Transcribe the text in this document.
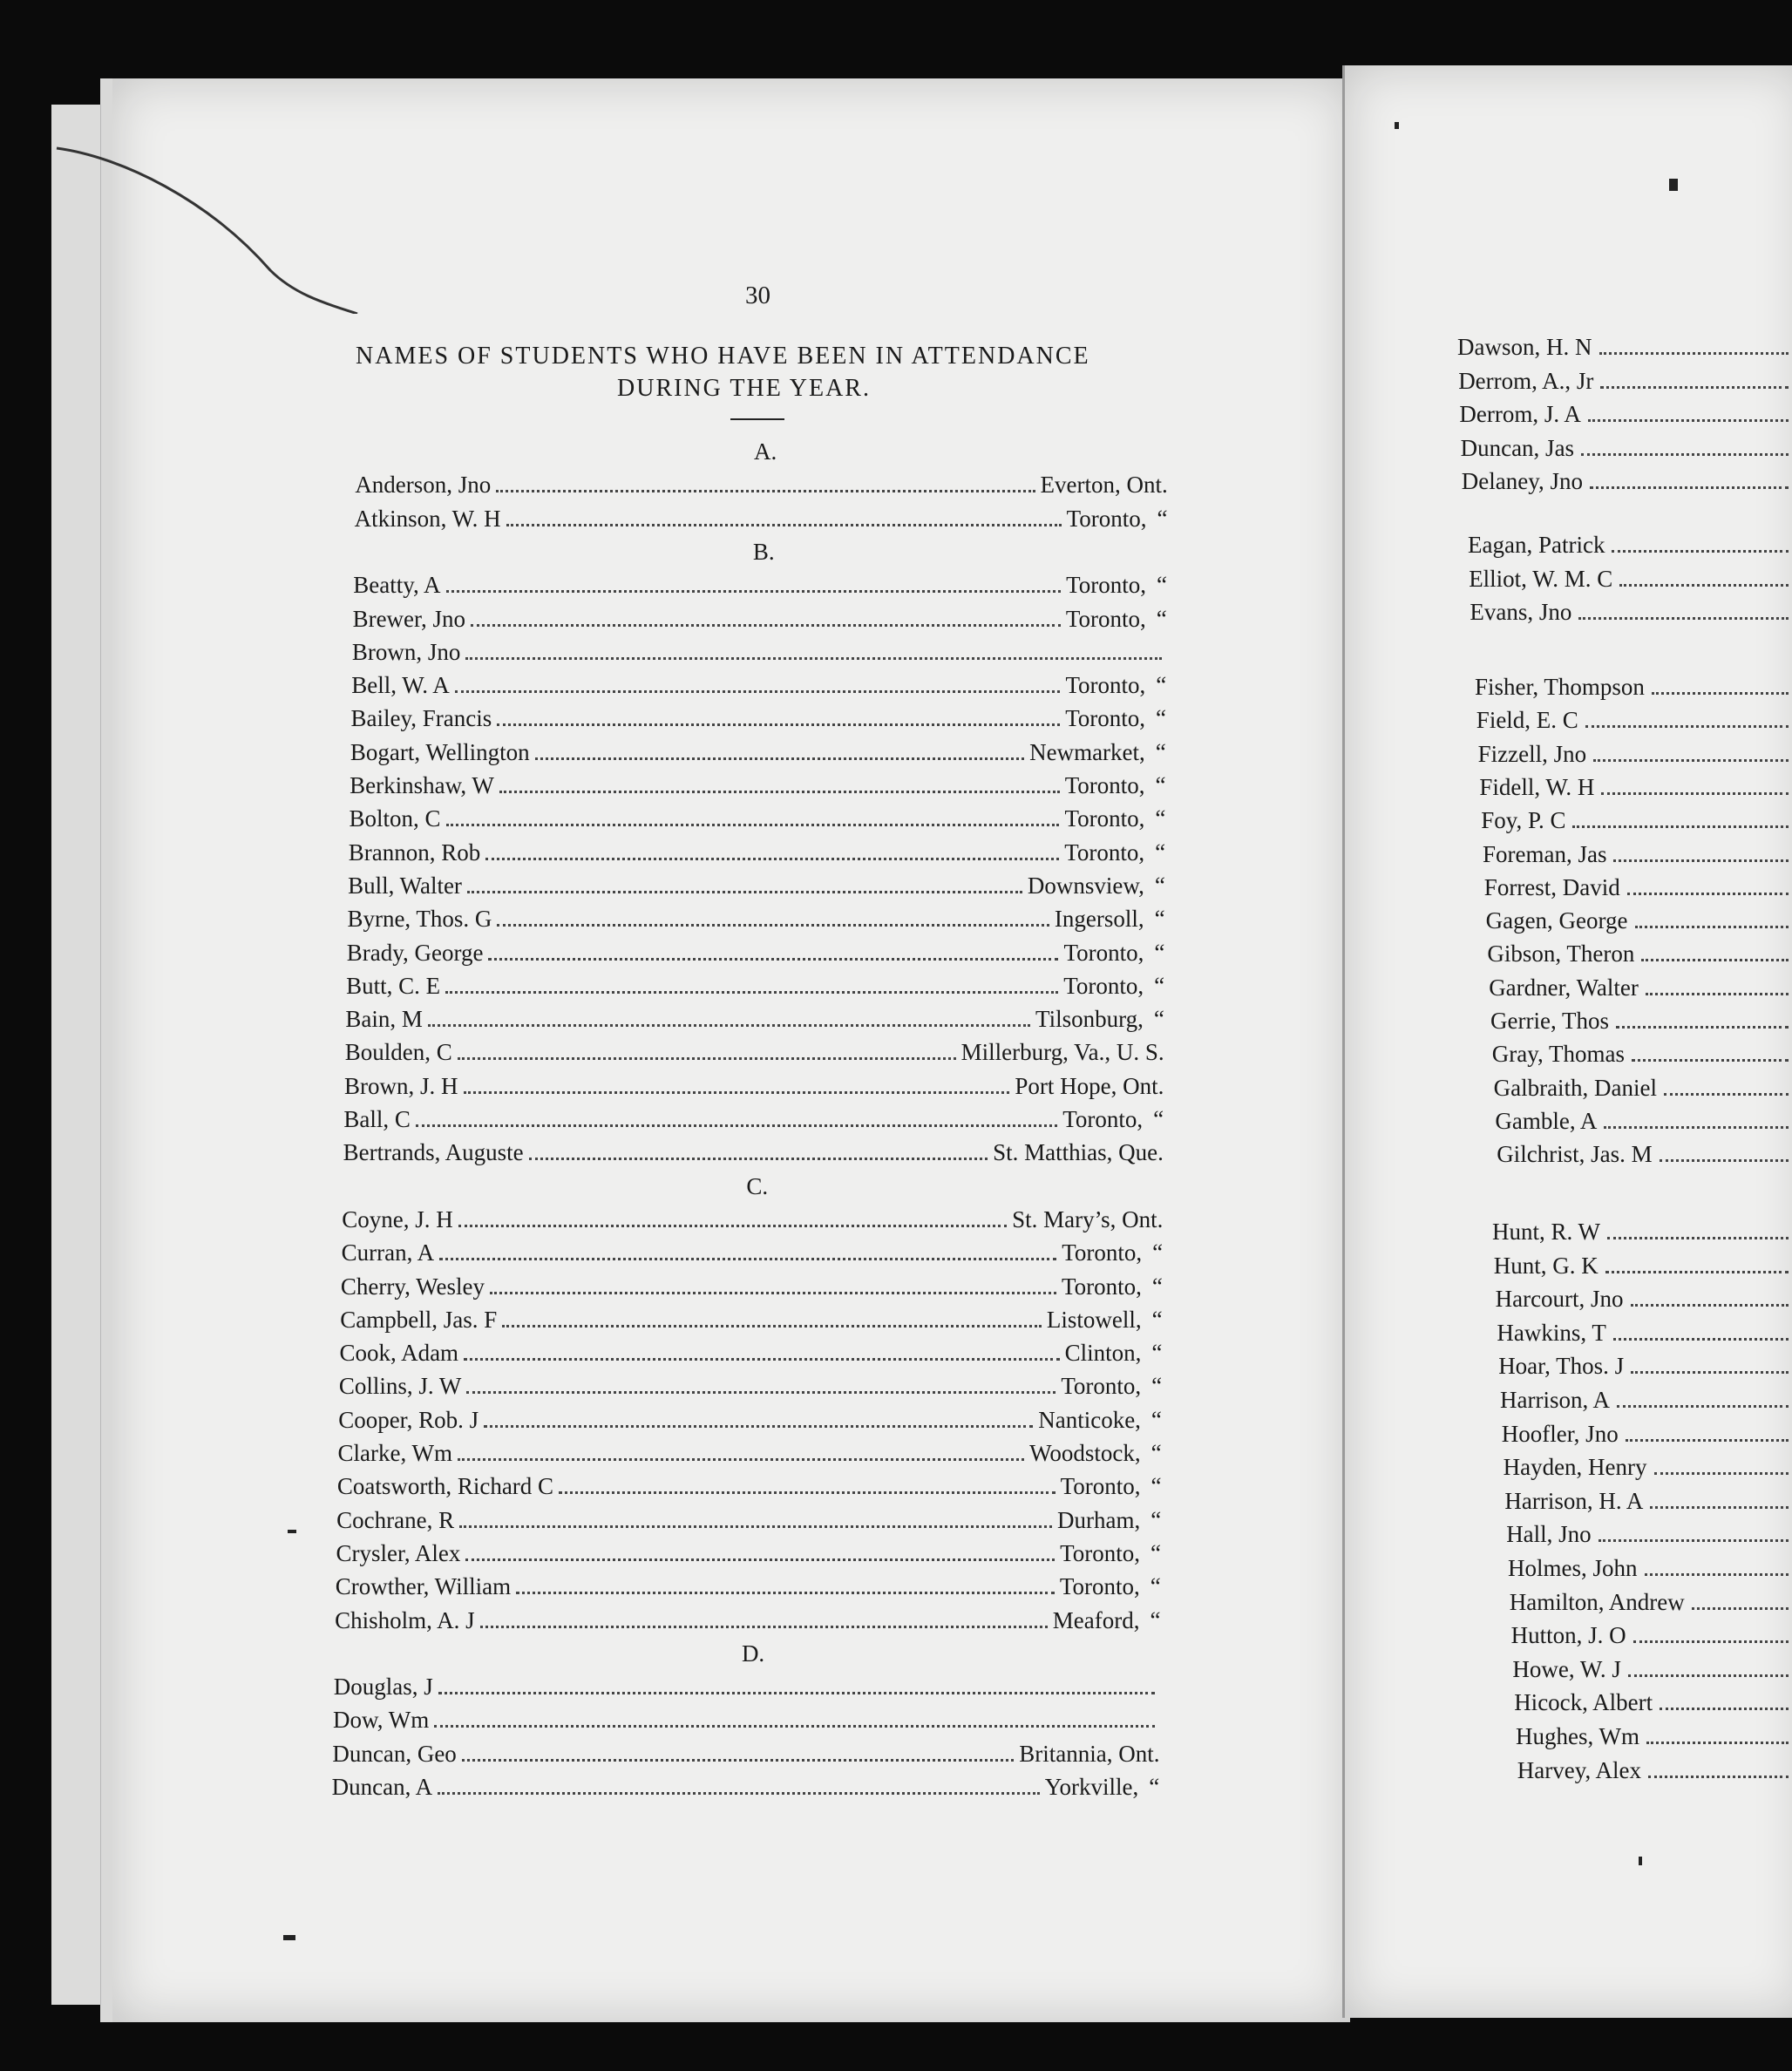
30
NAMES OF STUDENTS WHO HAVE BEEN IN ATTENDANCE
DURING THE YEAR.
A.
Anderson, Jno	Everton, Ont.
Atkinson, W. H	Toronto, “
B.
Beatty, A	Toronto, “
Brewer, Jno	Toronto, “
Brown, Jno
Bell, W. A	Toronto, “
Bailey, Francis	Toronto, “
Bogart, Wellington	Newmarket, “
Berkinshaw, W	Toronto, “
Bolton, C	Toronto, “
Brannon, Rob	Toronto, “
Bull, Walter	Downsview, “
Byrne, Thos. G	Ingersoll, “
Brady, George	Toronto, “
Butt, C. E	Toronto, “
Bain, M	Tilsonburg, “
Boulden, C	Millerburg, Va., U. S.
Brown, J. H	Port Hope, Ont.
Ball, C	Toronto, “
Bertrands, Auguste	St. Matthias, Que.
C.
Coyne, J. H	St. Mary’s, Ont.
Curran, A	Toronto, “
Cherry, Wesley	Toronto, “
Campbell, Jas. F	Listowell, “
Cook, Adam	Clinton, “
Collins, J. W	Toronto, “
Cooper, Rob. J	Nanticoke, “
Clarke, Wm	Woodstock, “
Coatsworth, Richard C	Toronto, “
Cochrane, R	Durham, “
Crysler, Alex	Toronto, “
Crowther, William	Toronto, “
Chisholm, A. J	Meaford, “
D.
Douglas, J
Dow, Wm
Duncan, Geo	Britannia, Ont.
Duncan, A	Yorkville, “
Dawson, H. N
Derrom, A., Jr
Derrom, J. A
Duncan, Jas
Delaney, Jno
Eagan, Patrick
Elliot, W. M. C
Evans, Jno
Fisher, Thompson
Field, E. C
Fizzell, Jno
Fidell, W. H
Foy, P. C
Foreman, Jas
Forrest, David
Gagen, George
Gibson, Theron
Gardner, Walter
Gerrie, Thos
Gray, Thomas
Galbraith, Daniel
Gamble, A
Gilchrist, Jas. M
Hunt, R. W
Hunt, G. K
Harcourt, Jno
Hawkins, T
Hoar, Thos. J
Harrison, A
Hoofler, Jno
Hayden, Henry
Harrison, H. A
Hall, Jno
Holmes, John
Hamilton, Andrew
Hutton, J. O
Howe, W. J
Hicock, Albert
Hughes, Wm
Harvey, Alex
